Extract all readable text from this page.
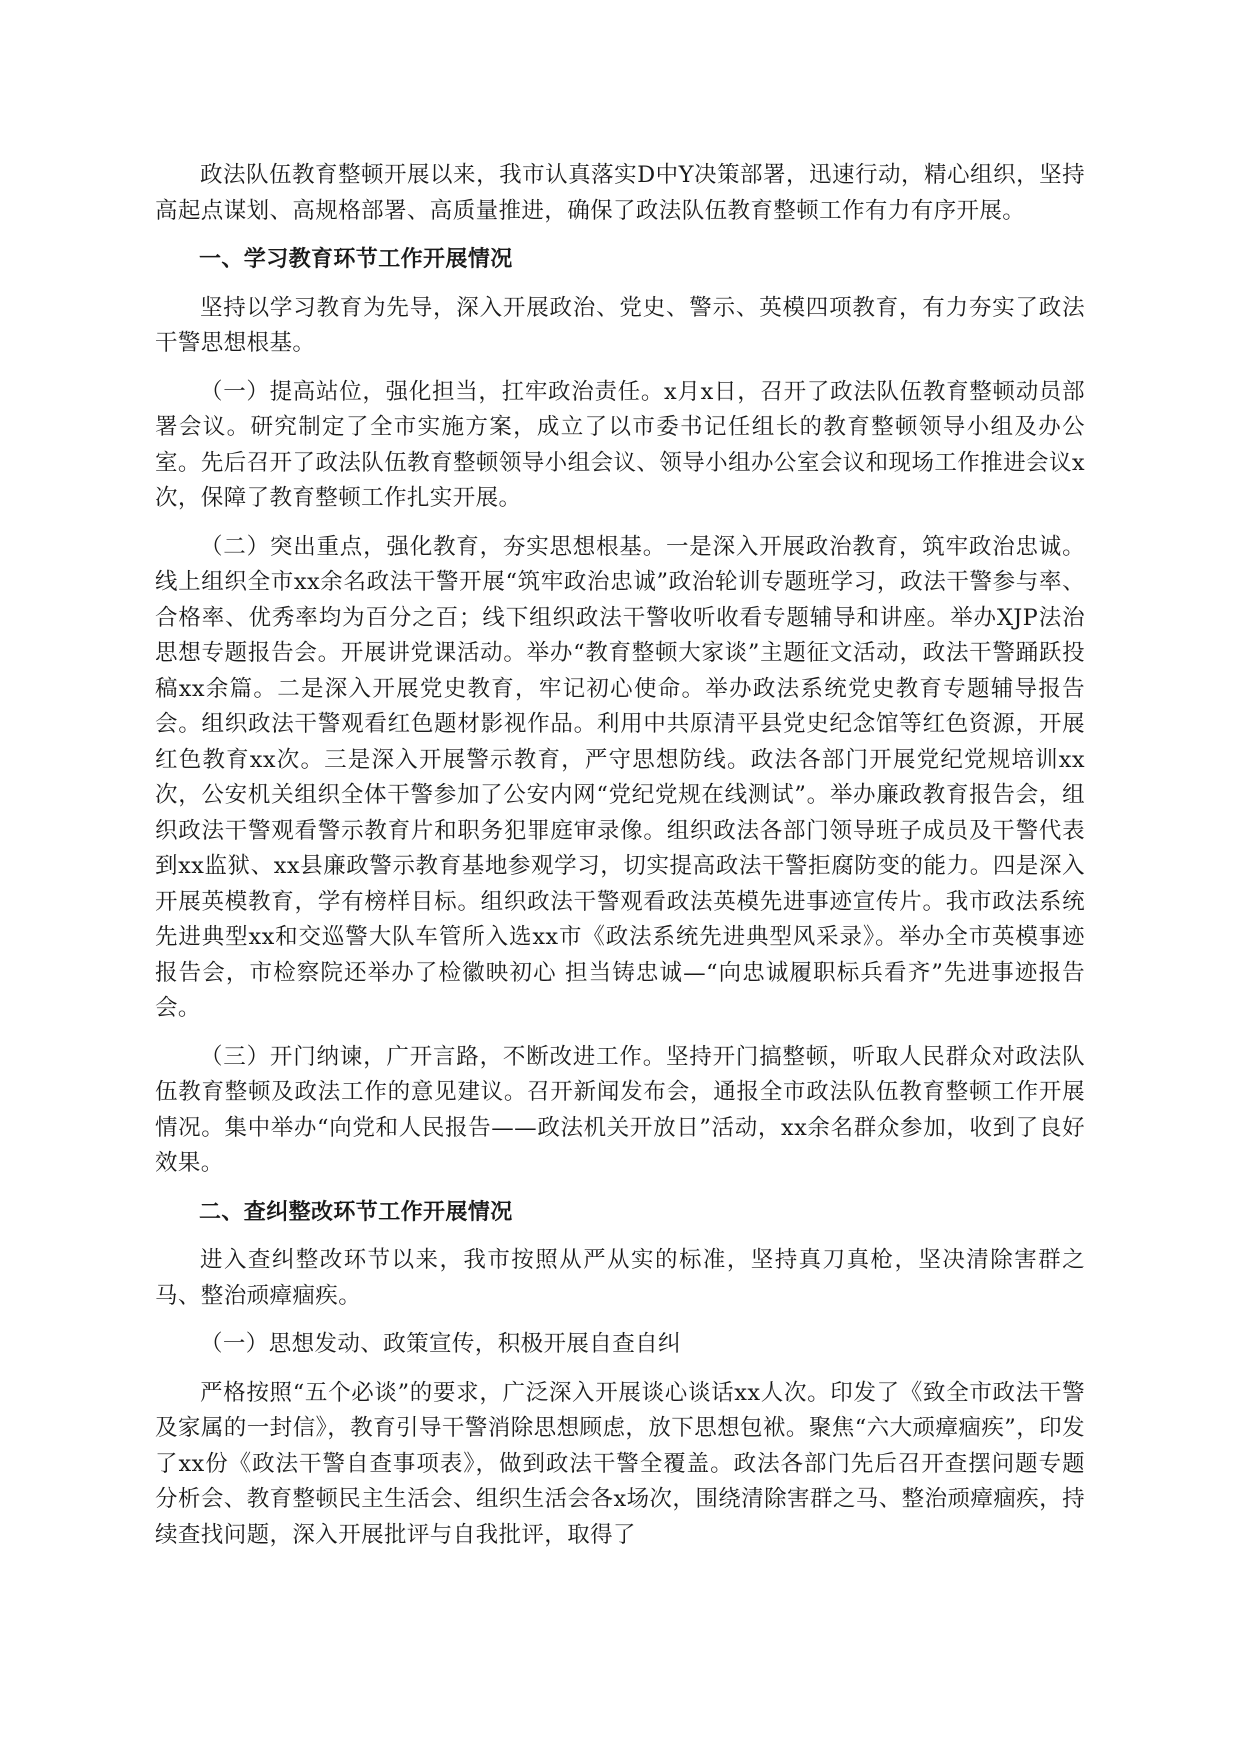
政法队伍教育整顿开展以来，我市认真落实D中Y决策部署，迅速行动，精心组织，坚持高起点谋划、高规格部署、高质量推进，确保了政法队伍教育整顿工作有力有序开展。

一、学习教育环节工作开展情况

坚持以学习教育为先导，深入开展政治、党史、警示、英模四项教育，有力夯实了政法干警思想根基。

（一）提高站位，强化担当，扛牢政治责任。x月x日，召开了政法队伍教育整顿动员部署会议。研究制定了全市实施方案，成立了以市委书记任组长的教育整顿领导小组及办公室。先后召开了政法队伍教育整顿领导小组会议、领导小组办公室会议和现场工作推进会议x次，保障了教育整顿工作扎实开展。

（二）突出重点，强化教育，夯实思想根基。一是深入开展政治教育，筑牢政治忠诚。线上组织全市xx余名政法干警开展“筑牢政治忠诚”政治轮训专题班学习，政法干警参与率、合格率、优秀率均为百分之百；线下组织政法干警收听收看专题辅导和讲座。举办XJP法治思想专题报告会。开展讲党课活动。举办“教育整顿大家谈”主题征文活动，政法干警踊跃投稿xx余篇。二是深入开展党史教育，牢记初心使命。举办政法系统党史教育专题辅导报告会。组织政法干警观看红色题材影视作品。利用中共原清平县党史纪念馆等红色资源，开展红色教育xx次。三是深入开展警示教育，严守思想防线。政法各部门开展党纪党规培训xx次，公安机关组织全体干警参加了公安内网“党纪党规在线测试”。举办廉政教育报告会，组织政法干警观看警示教育片和职务犯罪庭审录像。组织政法各部门领导班子成员及干警代表到xx监狱、xx县廉政警示教育基地参观学习，切实提高政法干警拒腐防变的能力。四是深入开展英模教育，学有榜样目标。组织政法干警观看政法英模先进事迹宣传片。我市政法系统先进典型xx和交巡警大队车管所入选xx市《政法系统先进典型风采录》。举办全市英模事迹报告会，市检察院还举办了检徽映初心 担当铸忠诚—“向忠诚履职标兵看齐”先进事迹报告会。

（三）开门纳谏，广开言路，不断改进工作。坚持开门搞整顿，听取人民群众对政法队伍教育整顿及政法工作的意见建议。召开新闻发布会，通报全市政法队伍教育整顿工作开展情况。集中举办“向党和人民报告——政法机关开放日”活动，xx余名群众参加，收到了良好效果。

二、查纠整改环节工作开展情况

进入查纠整改环节以来，我市按照从严从实的标准，坚持真刀真枪，坚决清除害群之马、整治顽瘴痼疾。

（一）思想发动、政策宣传，积极开展自查自纠

严格按照“五个必谈”的要求，广泛深入开展谈心谈话xx人次。印发了《致全市政法干警及家属的一封信》，教育引导干警消除思想顾虑，放下思想包袱。聚焦“六大顽瘴痼疾”，印发了xx份《政法干警自查事项表》，做到政法干警全覆盖。政法各部门先后召开查摆问题专题分析会、教育整顿民主生活会、组织生活会各x场次，围绕清除害群之马、整治顽瘴痼疾，持续查找问题，深入开展批评与自我批评，取得了
